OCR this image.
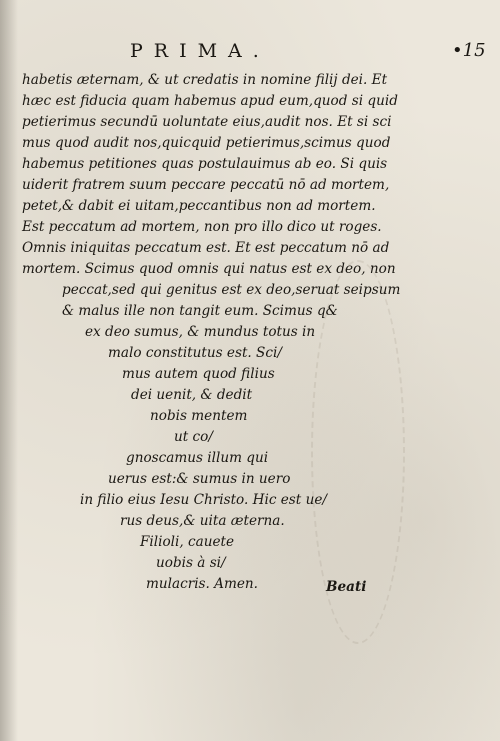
PRIMA.	•15
habetis æternam, & ut credatis in nomine filij dei. Et
hæc est fiducia quam habemus apud eum,quod si quid
petierimus secundū uoluntate eius,audit nos. Et si sci
mus quod audit nos,quicquid petierimus,scimus quod
habemus petitiones quas postulauimus ab eo. Si quis
uiderit fratrem suum peccare peccatū nō ad mortem,
petet,& dabit ei uitam,peccantibus non ad mortem.
Est peccatum ad mortem, non pro illo dico ut roges.
Omnis iniquitas peccatum est. Et est peccatum nō ad
mortem. Scimus quod omnis qui natus est ex deo, non
peccat,sed qui genitus est ex deo,seruat seipsum
& malus ille non tangit eum. Scimus q&
ex deo sumus, & mundus totus in
malo constitutus est. Sci/
mus autem quod filius
dei uenit, & dedit
nobis mentem
ut co/
gnoscamus illum qui
uerus est:& sumus in uero
in filio eius Iesu Christo. Hic est ue/
rus deus,& uita æterna.
Filioli, cauete
uobis à si/
mulacris. Amen.	Beati
